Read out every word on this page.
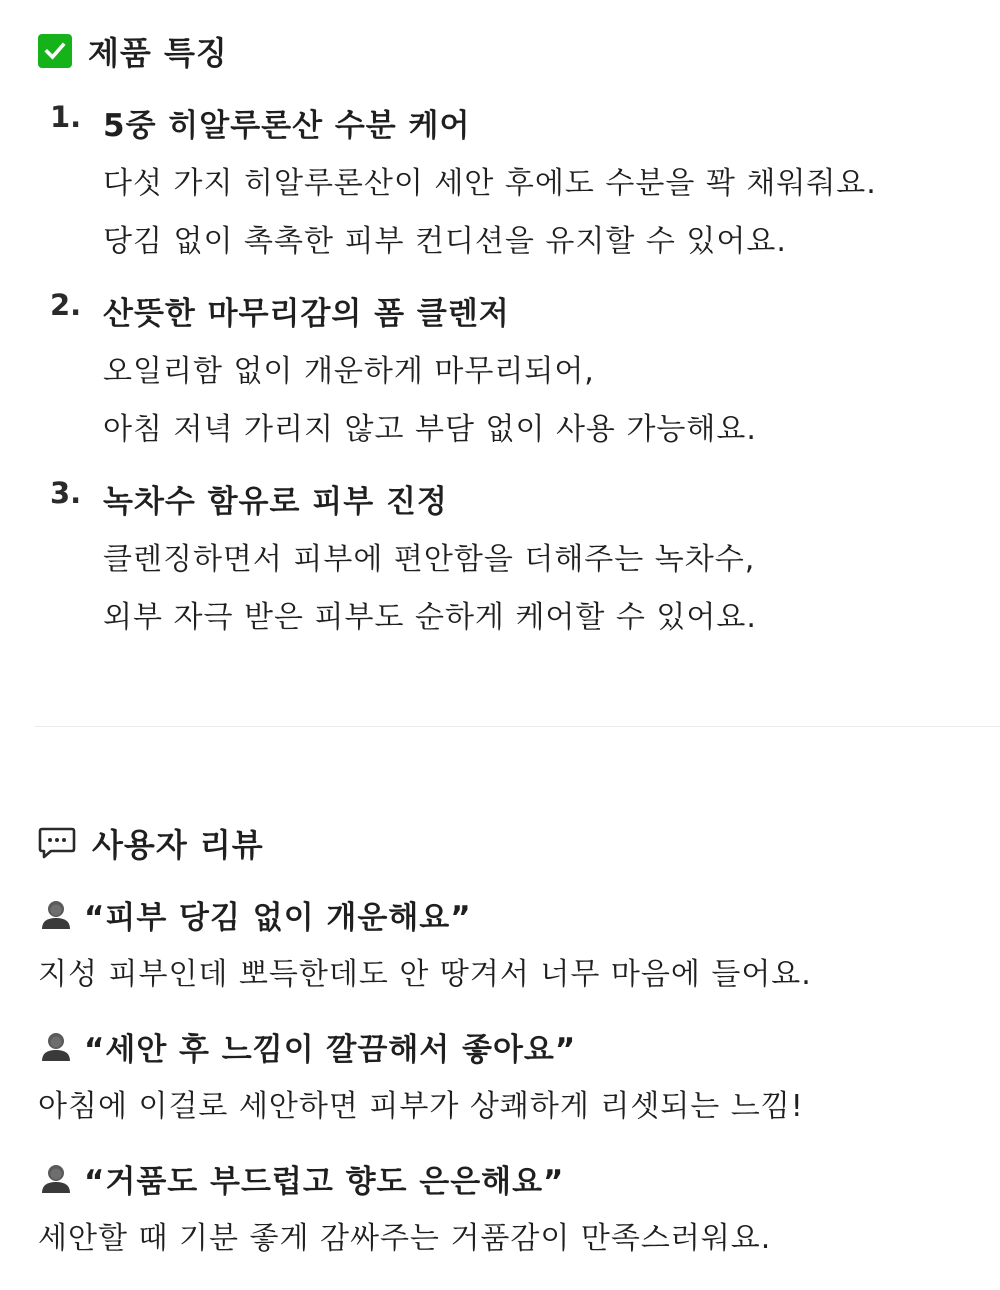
제품 특징
1. 5중 히알루론산 수분 케어
다섯 가지 히알루론산이 세안 후에도 수분을 꽉 채워줘요.
당김 없이 촉촉한 피부 컨디션을 유지할 수 있어요.
2. 산뜻한 마무리감의 폼 클렌저
오일리함 없이 개운하게 마무리되어,
아침 저녁 가리지 않고 부담 없이 사용 가능해요.
3. 녹차수 함유로 피부 진정
클렌징하면서 피부에 편안함을 더해주는 녹차수,
외부 자극 받은 피부도 순하게 케어할 수 있어요.
사용자 리뷰
“피부 당김 없이 개운해요”
지성 피부인데 뽀득한데도 안 땅겨서 너무 마음에 들어요.
“세안 후 느낌이 깔끔해서 좋아요”
아침에 이걸로 세안하면 피부가 상쾌하게 리셋되는 느낌!
“거품도 부드럽고 향도 은은해요”
세안할 때 기분 좋게 감싸주는 거품감이 만족스러워요.
